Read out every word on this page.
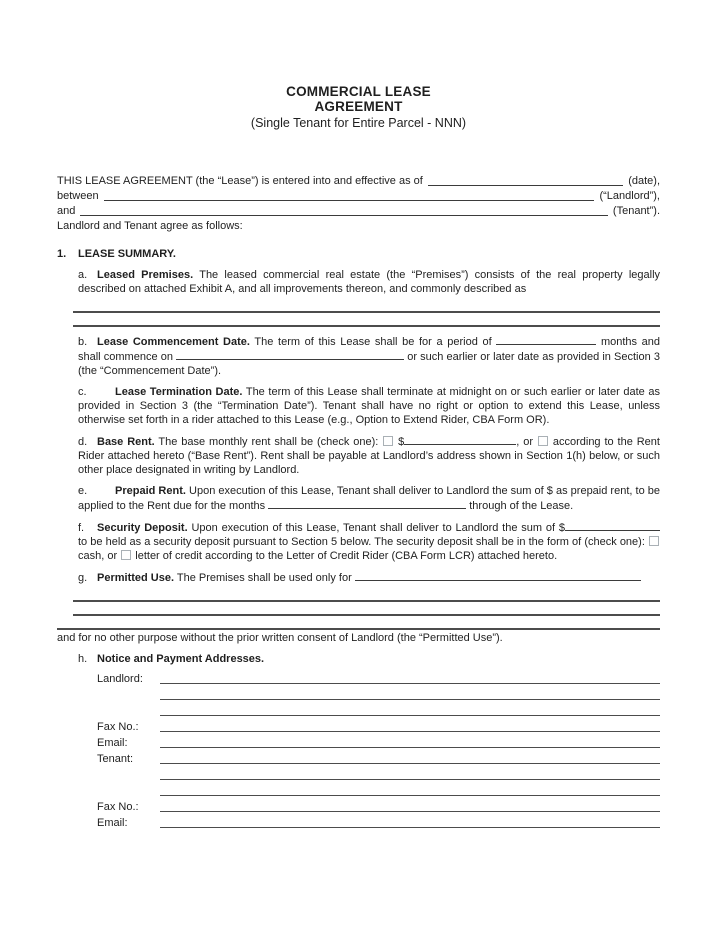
COMMERCIAL LEASE
AGREEMENT
(Single Tenant for Entire Parcel - NNN)
THIS LEASE AGREEMENT (the “Lease”) is entered into and effective as of	(date),
between	(“Landlord”),
and	(Tenant”).
Landlord and Tenant agree as follows:
1. LEASE SUMMARY.

a. Leased Premises. The leased commercial real estate (the “Premises”) consists of the real property legally described on attached Exhibit A, and all improvements thereon, and commonly described as

b. Lease Commencement Date. The term of this Lease shall be for a period of	months and shall commence on	or such earlier or later date as provided in Section 3 (the “Commencement Date”).

c.	Lease Termination Date. The term of this Lease shall terminate at midnight on or such earlier or later date as provided in Section 3 (the “Termination Date”). Tenant shall have no right or option to extend this Lease, unless otherwise set forth in a rider attached to this Lease (e.g., Option to Extend Rider, CBA Form OR).

d. Base Rent. The base monthly rent shall be (check one): $	, or according to the Rent Rider attached hereto (“Base Rent”). Rent shall be payable at Landlord’s address shown in Section 1(h) below, or such other place designated in writing by Landlord.

e.	Prepaid Rent. Upon execution of this Lease, Tenant shall deliver to Landlord the sum of $ as prepaid rent, to be applied to the Rent due for the months	through of the Lease.

f. Security Deposit. Upon execution of this Lease, Tenant shall deliver to Landlord the sum of $ to be held as a security deposit pursuant to Section 5 below. The security deposit shall be in the form of (check one):  cash, or letter of credit according to the Letter of Credit Rider (CBA Form LCR) attached hereto.

g. Permitted Use. The Premises shall be used only for

and for no other purpose without the prior written consent of Landlord (the “Permitted Use”).

h. Notice and Payment Addresses.

Landlord:
Fax No.:
Email:
Tenant:
Fax No.:
Email:
